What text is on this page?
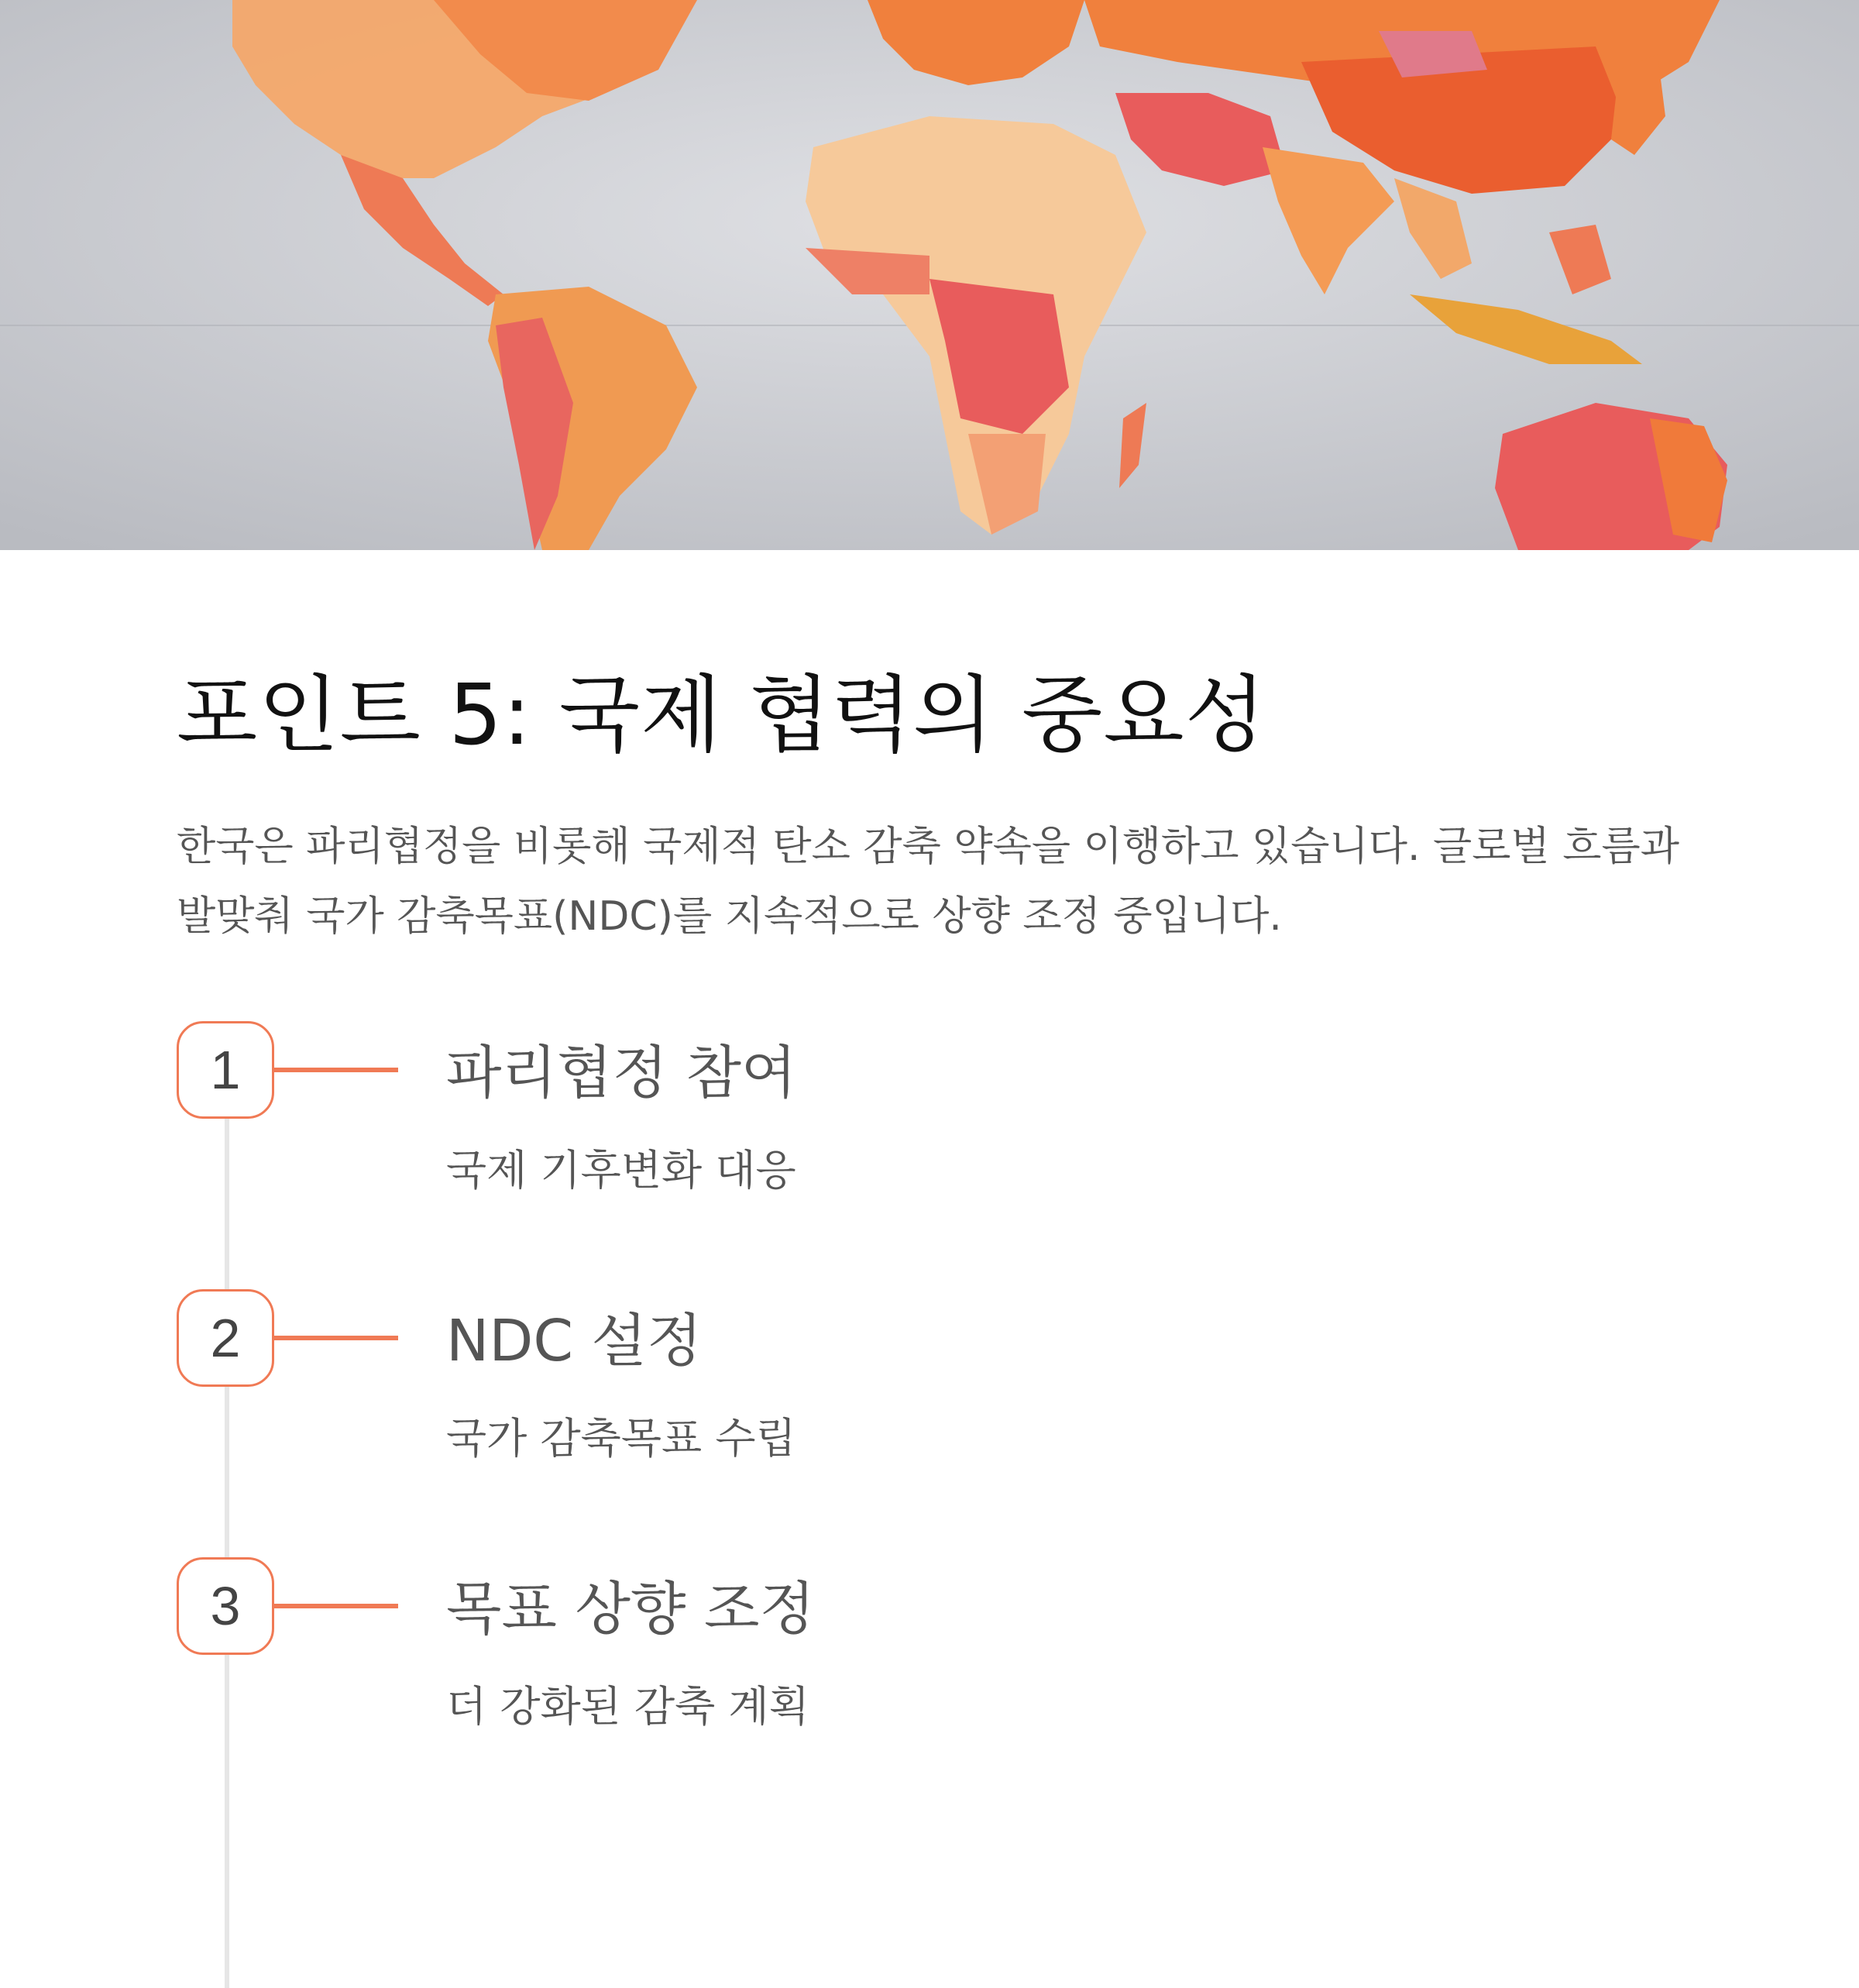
포인트 5: 국제 협력의 중요성

한국은 파리협정을 비롯해 국제적 탄소 감축 약속을 이행하고 있습니다. 글로벌 흐름과 발맞춰 국가 감축목표(NDC)를 지속적으로 상향 조정 중입니다.

1	파리협정 참여
국제 기후변화 대응
2	NDC 설정
국가 감축목표 수립
3	목표 상향 조정
더 강화된 감축 계획
